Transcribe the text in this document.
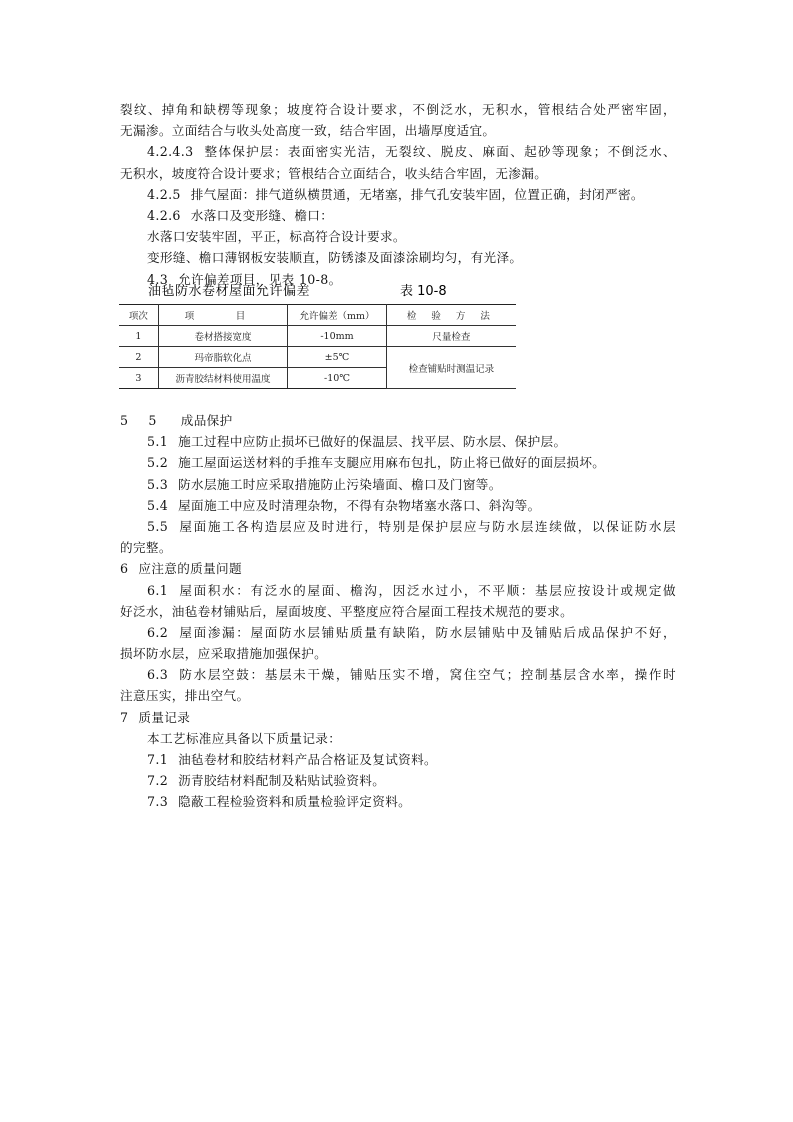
裂纹、掉角和缺楞等现象；坡度符合设计要求，不倒泛水，无积水，管根结合处严密牢固，
无漏渗。立面结合与收头处高度一致，结合牢固，出墙厚度适宜。
4.2.4.3 整体保护层：表面密实光洁，无裂纹、脱皮、麻面、起砂等现象；不倒泛水、
无积水，坡度符合设计要求；管根结合立面结合，收头结合牢固，无渗漏。
4.2.5 排气屋面：排气道纵横贯通，无堵塞，排气孔安装牢固，位置正确，封闭严密。
4.2.6 水落口及变形缝、檐口：
水落口安装牢固，平正，标高符合设计要求。
变形缝、檐口薄钢板安装顺直，防锈漆及面漆涂刷均匀，有光泽。
4.3 允许偏差项目，见表 10-8。
油毡防水卷材屋面允许偏差	表 10-8
项次	项　目	允许偏差（mm）	检 验 方 法
1	卷材搭接宽度	-10mm	尺量检查
2	玛帝脂软化点	±5℃	检查铺贴时测温记录
3	沥青胶结材料使用温度	-10℃	
5 5 成品保护
5.1 施工过程中应防止损坏已做好的保温层、找平层、防水层、保护层。
5.2 施工屋面运送材料的手推车支腿应用麻布包扎，防止将已做好的面层损坏。
5.3 防水层施工时应采取措施防止污染墙面、檐口及门窗等。
5.4 屋面施工中应及时清理杂物，不得有杂物堵塞水落口、斜沟等。
5.5 屋面施工各构造层应及时进行，特别是保护层应与防水层连续做，以保证防水层
的完整。
6 应注意的质量问题
6.1 屋面积水：有泛水的屋面、檐沟，因泛水过小，不平顺：基层应按设计或规定做
好泛水，油毡卷材铺贴后，屋面坡度、平整度应符合屋面工程技术规范的要求。
6.2 屋面渗漏：屋面防水层铺贴质量有缺陷，防水层铺贴中及铺贴后成品保护不好，
损坏防水层，应采取措施加强保护。
6.3 防水层空鼓：基层未干燥，铺贴压实不增，窝住空气；控制基层含水率，操作时
注意压实，排出空气。
7 质量记录
本工艺标准应具备以下质量记录：
7.1 油毡卷材和胶结材料产品合格证及复试资料。
7.2 沥青胶结材料配制及粘贴试验资料。
7.3 隐蔽工程检验资料和质量检验评定资料。
